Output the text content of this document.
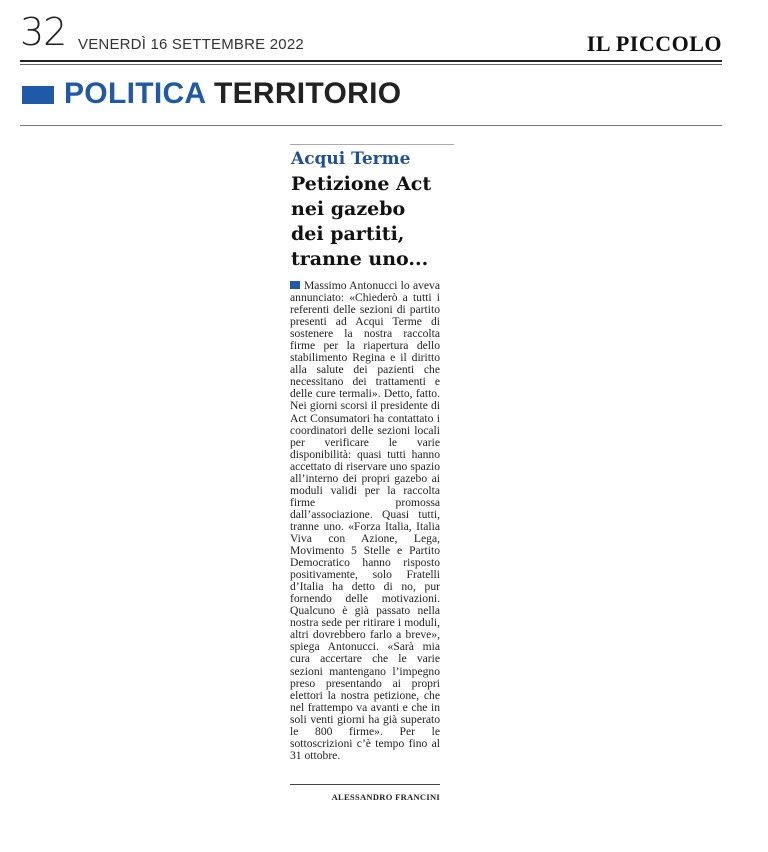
32 VENERDÌ 16 SETTEMBRE 2022	IL PICCOLO
POLITICA TERRITORIO
Acqui Terme
Petizione Act
nei gazebo
dei partiti,
tranne uno...
Massimo Antonucci lo aveva annunciato: «Chiederò a tutti i referenti delle sezioni di partito presenti ad Acqui Terme di sostenere la nostra raccolta firme per la riapertura dello stabilimento Regina e il diritto alla salute dei pazienti che necessitano dei trattamenti e delle cure termali». Detto, fatto. Nei giorni scorsi il presidente di Act Consumatori ha contattato i coordinatori delle sezioni locali per verificare le varie disponibilità: quasi tutti hanno accettato di riservare uno spazio all’interno dei propri gazebo ai moduli validi per la raccolta firme promossa dall’associazione. Quasi tutti, tranne uno. «Forza Italia, Italia Viva con Azione, Lega, Movimento 5 Stelle e Partito Democratico hanno risposto positivamente, solo Fratelli d’Italia ha detto di no, pur fornendo delle motivazioni. Qualcuno è già passato nella nostra sede per ritirare i moduli, altri dovrebbero farlo a breve», spiega Antonucci. «Sarà mia cura accertare che le varie sezioni mantengano l’impegno preso presentando ai propri elettori la nostra petizione, che nel frattempo va avanti e che in soli venti giorni ha già superato le 800 firme». Per le sottoscrizioni c’è tempo fino al 31 ottobre.
ALESSANDRO FRANCINI
